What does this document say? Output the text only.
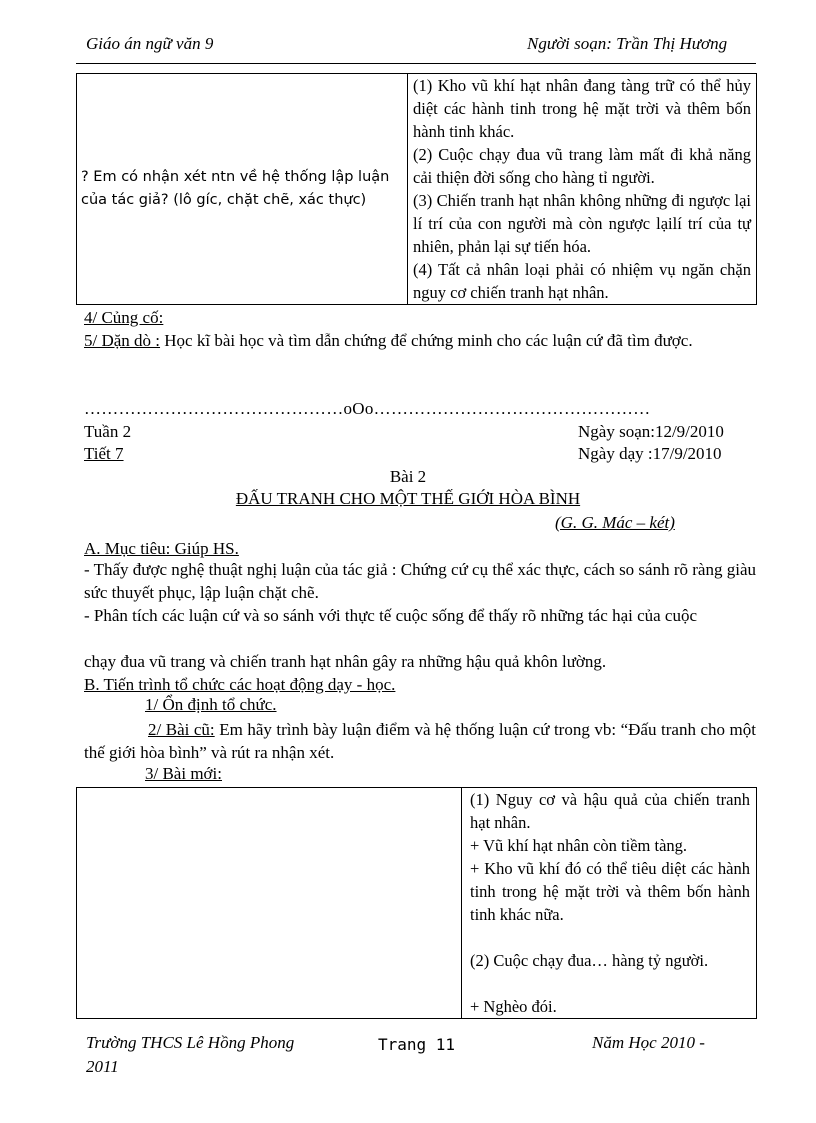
Giáo án ngữ văn 9	Người soạn: Trần Thị Hương
? Em có nhận xét ntn về hệ thống lập luận của tác giả? (lô gíc, chặt chẽ, xác thực)	

(1) Kho vũ khí hạt nhân đang tàng trữ có thể hủy diệt các hành tinh trong hệ mặt trời và thêm bốn hành tinh khác.

(2) Cuộc chạy đua vũ trang làm mất đi khả năng cải thiện đời sống cho hàng tỉ người.

(3) Chiến tranh hạt nhân không những đi ngược lại lí trí của con người mà còn ngược lạilí trí của tự nhiên, phản lại sự tiến hóa.

(4) Tất cả nhân loại phải có nhiệm vụ ngăn chặn nguy cơ chiến tranh hạt nhân.

4/ Củng cố:
5/ Dặn dò : Học kĩ bài học và tìm dẫn chứng để chứng minh cho các luận cứ đã tìm được.
………………………………………oOo…………………………………………
Tuần 2
Tiết 7
Ngày soạn:12/9/2010
Ngày dạy :17/9/2010
Bài 2
ĐẤU TRANH CHO MỘT THẾ GIỚI HÒA BÌNH
(G. G. Mác – két)
A. Mục tiêu: Giúp HS.
- Thấy được nghệ thuật nghị luận của tác giả : Chứng cứ cụ thể xác thực, cách so sánh rõ ràng giàu sức thuyết phục, lập luận chặt chẽ.
- Phân tích các luận cứ và so sánh với thực tế cuộc sống để thấy rõ những tác hại của cuộc
chạy đua vũ trang và chiến tranh hạt nhân gây ra những hậu quả khôn lường.
B. Tiến trình tổ chức các hoạt động dạy - học.
1/ Ổn định tổ chức.
2/ Bài cũ: Em hãy trình bày luận điểm và hệ thống luận cứ trong vb: “Đấu tranh cho một thế giới hòa bình” và rút ra nhận xét.
3/ Bài mới:

(1) Nguy cơ và hậu quả của chiến tranh hạt nhân.

+ Vũ khí hạt nhân còn tiềm tàng.

+ Kho vũ khí đó có thể tiêu diệt các hành tinh trong hệ mặt trời và thêm bốn hành tinh khác nữa.

(2) Cuộc chạy đua… hàng tỷ người.

+ Nghèo đói.

Trường THCS Lê Hồng Phong	Trang 11	Năm Học 2010 -
2011
